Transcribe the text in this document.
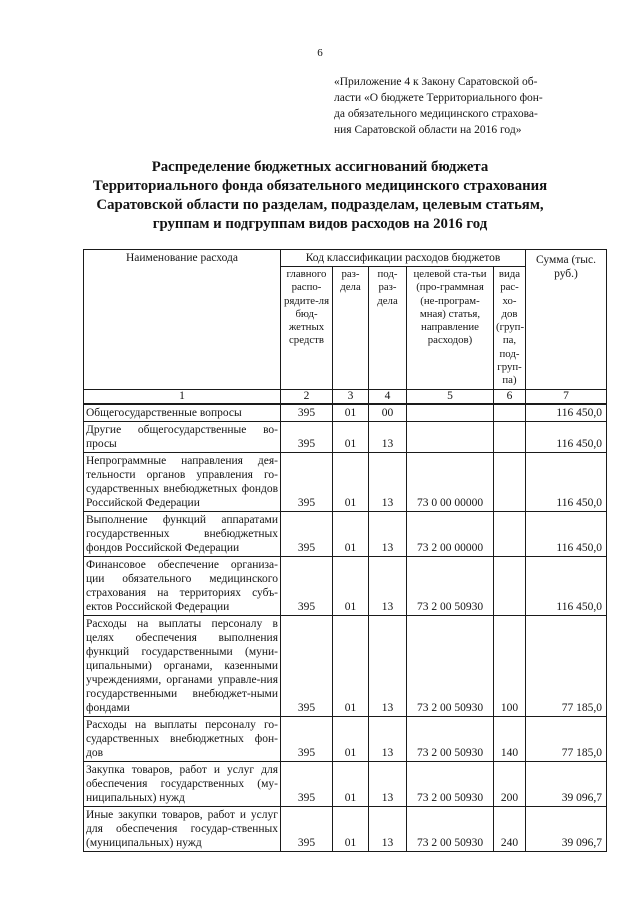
6
«Приложение 4 к Закону Саратовской об-
ласти «О бюджете Территориального фон-
да обязательного медицинского страхова-
ния Саратовской области на 2016 год»
Распределение бюджетных ассигнований бюджета
Территориального фонда обязательного медицинского страхования
Саратовской области по разделам, подразделам, целевым статьям,
группам и подгруппам видов расходов на 2016 год
Наименование расхода	Код классификации расходов бюджетов					Сумма (тыс. руб.)
	главного распо-рядите-ля бюд-жетных средств	раз-дела	под-раз-дела	целевой ста-тьи (про-граммная (не-програм-мная) статья, направление расходов)	вида рас-хо-дов (груп-па, под-груп-па)	
1	2	3	4	5	6	7
Общегосударственные вопросы	395	01	00			116 450,0
Другие общегосударственные во-просы	395	01	13			116 450,0
Непрограммные направления дея-тельности органов управления го-сударственных внебюджетных фондов Российской Федерации	395	01	13	73 0 00 00000		116 450,0
Выполнение функций аппаратами государственных внебюджетных фондов Российской Федерации	395	01	13	73 2 00 00000		116 450,0
Финансовое обеспечение организа-ции обязательного медицинского страхования на территориях субъ-ектов Российской Федерации	395	01	13	73 2 00 50930		116 450,0
Расходы на выплаты персоналу в целях обеспечения выполнения функций государственными (муни-ципальными) органами, казенными учреждениями, органами управле-ния государственными внебюджет-ными фондами	395	01	13	73 2 00 50930	100	77 185,0
Расходы на выплаты персоналу го-сударственных внебюджетных фон-дов	395	01	13	73 2 00 50930	140	77 185,0
Закупка товаров, работ и услуг для обеспечения государственных (му-ниципальных) нужд	395	01	13	73 2 00 50930	200	39 096,7
Иные закупки товаров, работ и услуг для обеспечения государ-ственных (муниципальных) нужд	395	01	13	73 2 00 50930	240	39 096,7
